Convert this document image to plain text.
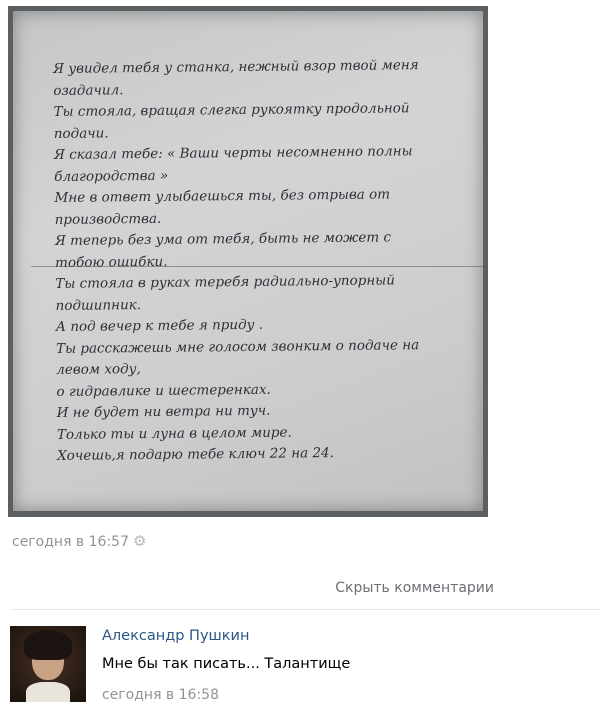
Я увидел тебя у станка, нежный взор твой меня
озадачил.
Ты стояла, вращая слегка рукоятку продольной
подачи.
Я сказал тебе: « Ваши черты несомненно полны
благородства »
Мне в ответ улыбаешься ты, без отрыва от
производства.
Я теперь без ума от тебя, быть не может с
тобою ошибки.
Ты стояла в руках теребя радиально-упорный
подшипник.
А под вечер к тебе я приду .
Ты расскажешь мне голосом звонким о подаче на
левом ходу,
о гидравлике и шестеренках.
И не будет ни ветра ни туч.
Только ты и луна в целом мире.
Хочешь,я подарю тебе ключ 22 на 24.
сегодня в 16:57 ⚙
Скрыть комментарии
Александр Пушкин
Мне бы так писать... Талантище
сегодня в 16:58
